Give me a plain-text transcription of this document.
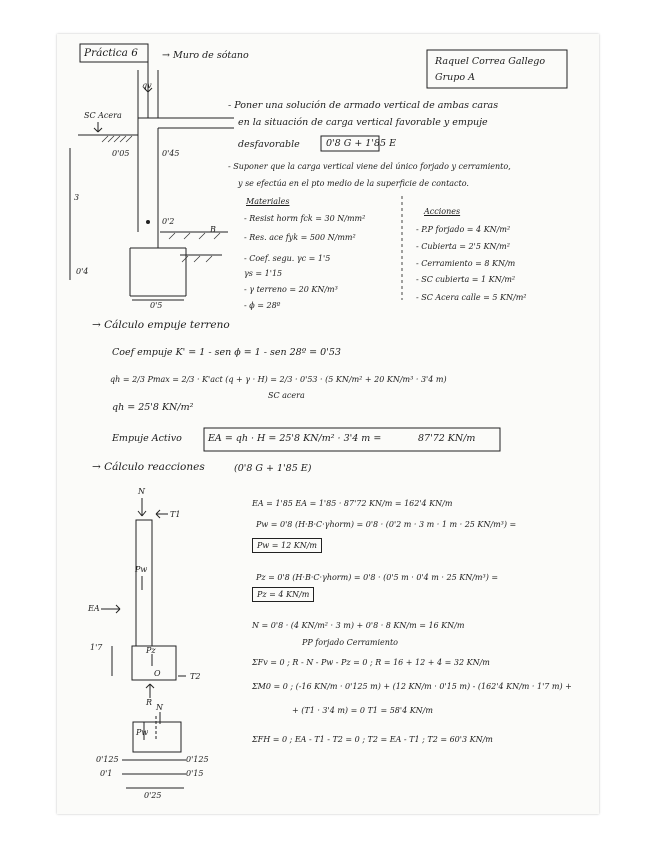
Práctica 6	→ Muro de sótano
Raquel Correa Gallego
Grupo A
- Poner una solución de armado vertical de ambas caras
en la situación de carga vertical favorable y empuje
desfavorable	0'8 G + 1'85 E
- Suponer que la carga vertical viene del único forjado y cerramiento,
y se efectúa en el pto medio de la superficie de contacto.
qv
SC Acera
0'05	0'45
3
0'2
B
0'4
0'5
Materiales
- Resist horm fck = 30 N/mm²
- Res. ace fyk = 500 N/mm²
- Coef. segu. γc = 1'5
γs = 1'15
- γ terreno = 20 KN/m³
- ϕ = 28º
Acciones
- P.P forjado = 4 KN/m²
- Cubierta = 2'5 KN/m²
- Cerramiento = 8 KN/m
- SC cubierta = 1 KN/m²
- SC Acera calle = 5 KN/m²
→ Cálculo empuje terreno
Coef empuje K' = 1 - sen ϕ = 1 - sen 28º = 0'53
qh = 2/3 Pmax = 2/3 · K'act (q + γ · H) = 2/3 · 0'53 · (5 KN/m² + 20 KN/m³ · 3'4 m)
SC acera
qh = 25'8 KN/m²
Empuje Activo	EA = qh · H = 25'8 KN/m² · 3'4 m =	87'72 KN/m
→ Cálculo reacciones	(0'8 G + 1'85 E)
EA = 1'85 EA = 1'85 · 87'72 KN/m = 162'4 KN/m
Pw = 0'8 (H·B·C·γhorm) = 0'8 · (0'2 m · 3 m · 1 m · 25 KN/m³) =
Pw = 12 KN/m
Pz = 0'8 (H·B·C·γhorm) = 0'8 · (0'5 m · 0'4 m · 25 KN/m³) =
Pz = 4 KN/m
N = 0'8 · (4 KN/m² · 3 m) + 0'8 · 8 KN/m = 16 KN/m
PP forjado Cerramiento
ΣFv = 0 ; R - N - Pw - Pz = 0 ; R = 16 + 12 + 4 = 32 KN/m
ΣM0 = 0 ; (-16 KN/m · 0'125 m) + (12 KN/m · 0'15 m) - (162'4 KN/m · 1'7 m) +
+ (T1 · 3'4 m) = 0 T1 = 58'4 KN/m
ΣFH = 0 ; EA - T1 - T2 = 0 ; T2 = EA - T1 ; T2 = 60'3 KN/m
N
T1
Pw
EA
1'7	Pz
O	T2
R
N
Pw
0'125	0'125
0'1	0'15
0'25
